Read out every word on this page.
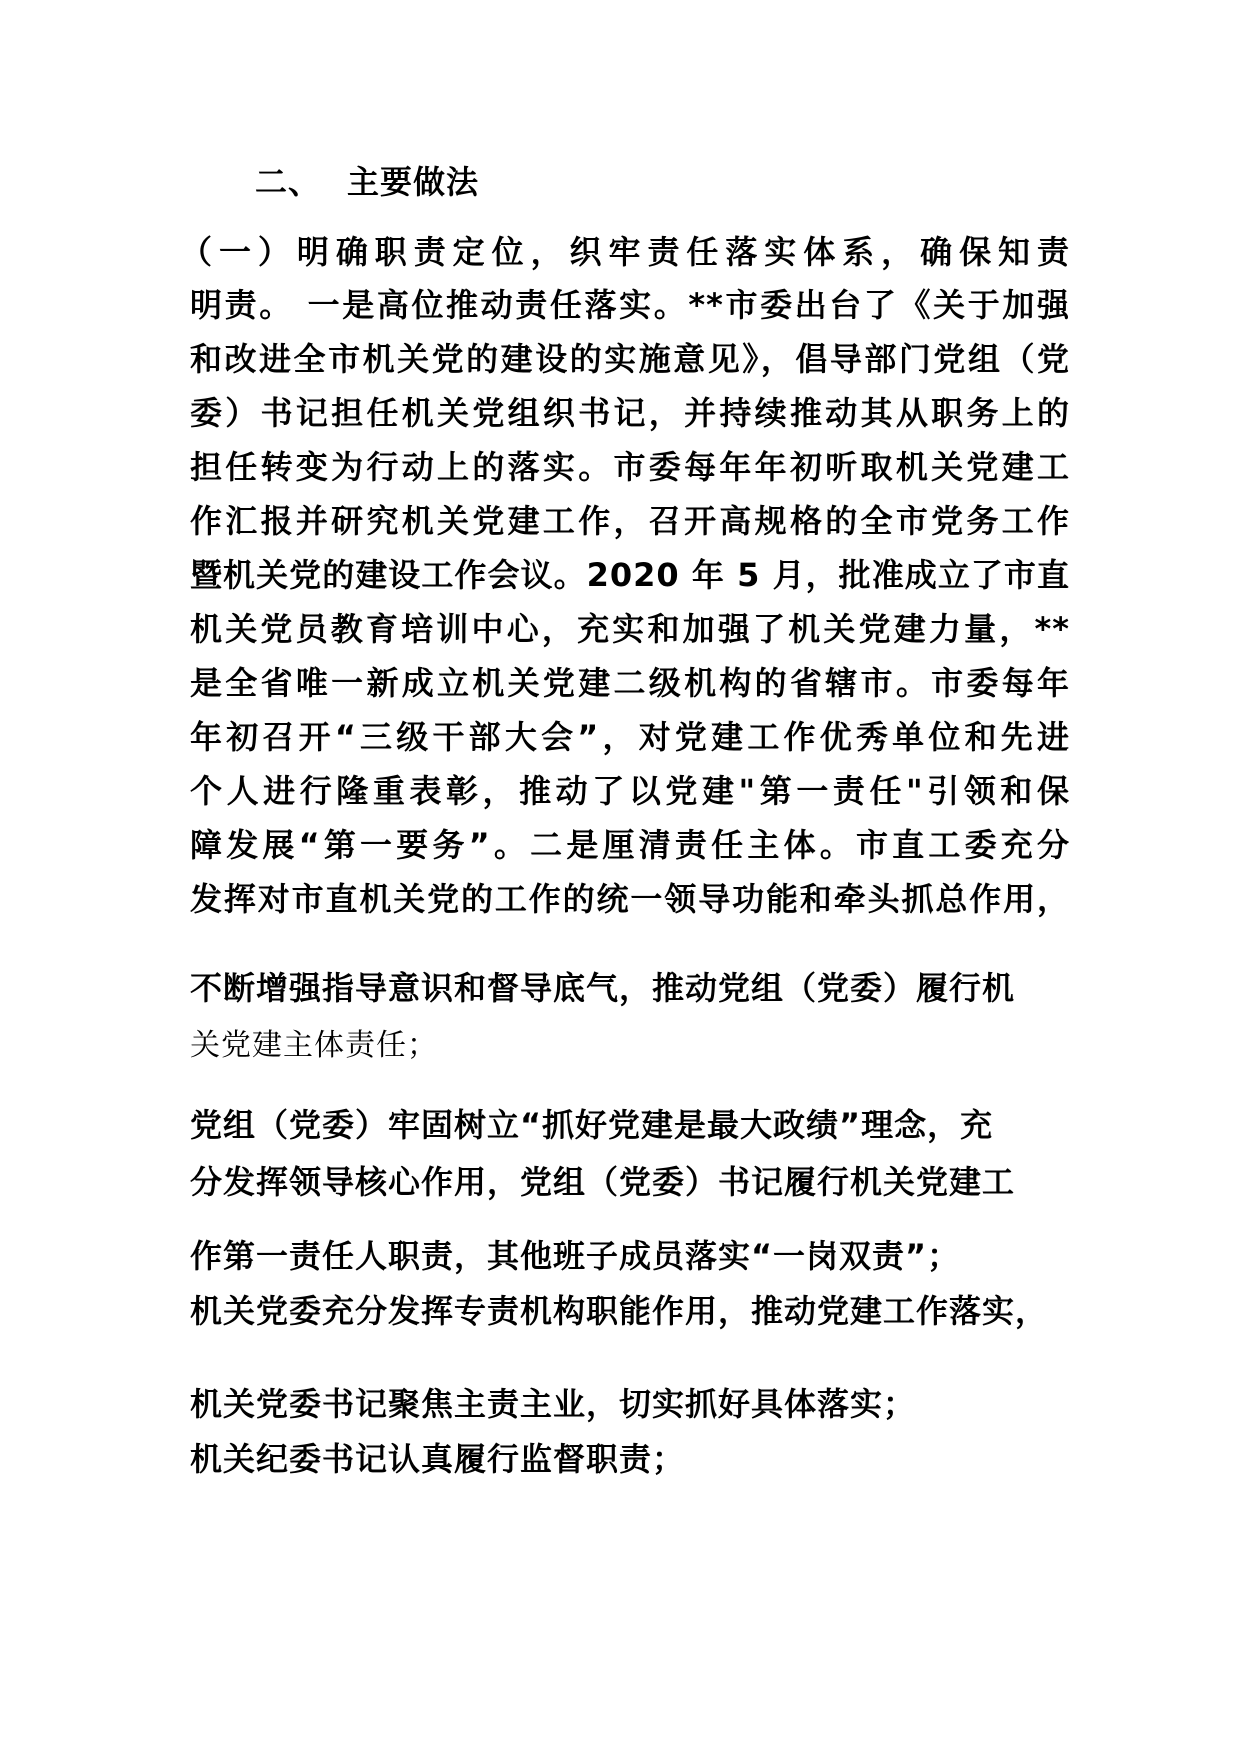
二、 主要做法
（一）明确职责定位，织牢责任落实体系，确保知责
明责。 一是高位推动责任落实。**市委出台了《关于加强
和改进全市机关党的建设的实施意见》，倡导部门党组（党
委）书记担任机关党组织书记，并持续推动其从职务上的
担任转变为行动上的落实。市委每年年初听取机关党建工
作汇报并研究机关党建工作，召开高规格的全市党务工作
暨机关党的建设工作会议。2020 年 5 月，批准成立了市直
机关党员教育培训中心，充实和加强了机关党建力量，**
是全省唯一新成立机关党建二级机构的省辖市。市委每年
年初召开“三级干部大会”，对党建工作优秀单位和先进
个人进行隆重表彰，推动了以党建"第一责任"引领和保
障发展“第一要务”。二是厘清责任主体。市直工委充分
发挥对市直机关党的工作的统一领导功能和牵头抓总作用，
不断增强指导意识和督导底气，推动党组（党委）履行机
关党建主体责任；
党组（党委）牢固树立“抓好党建是最大政绩”理念，充
分发挥领导核心作用，党组（党委）书记履行机关党建工
作第一责任人职责，其他班子成员落实“一岗双责”；
机关党委充分发挥专责机构职能作用，推动党建工作落实，
机关党委书记聚焦主责主业，切实抓好具体落实；
机关纪委书记认真履行监督职责；
